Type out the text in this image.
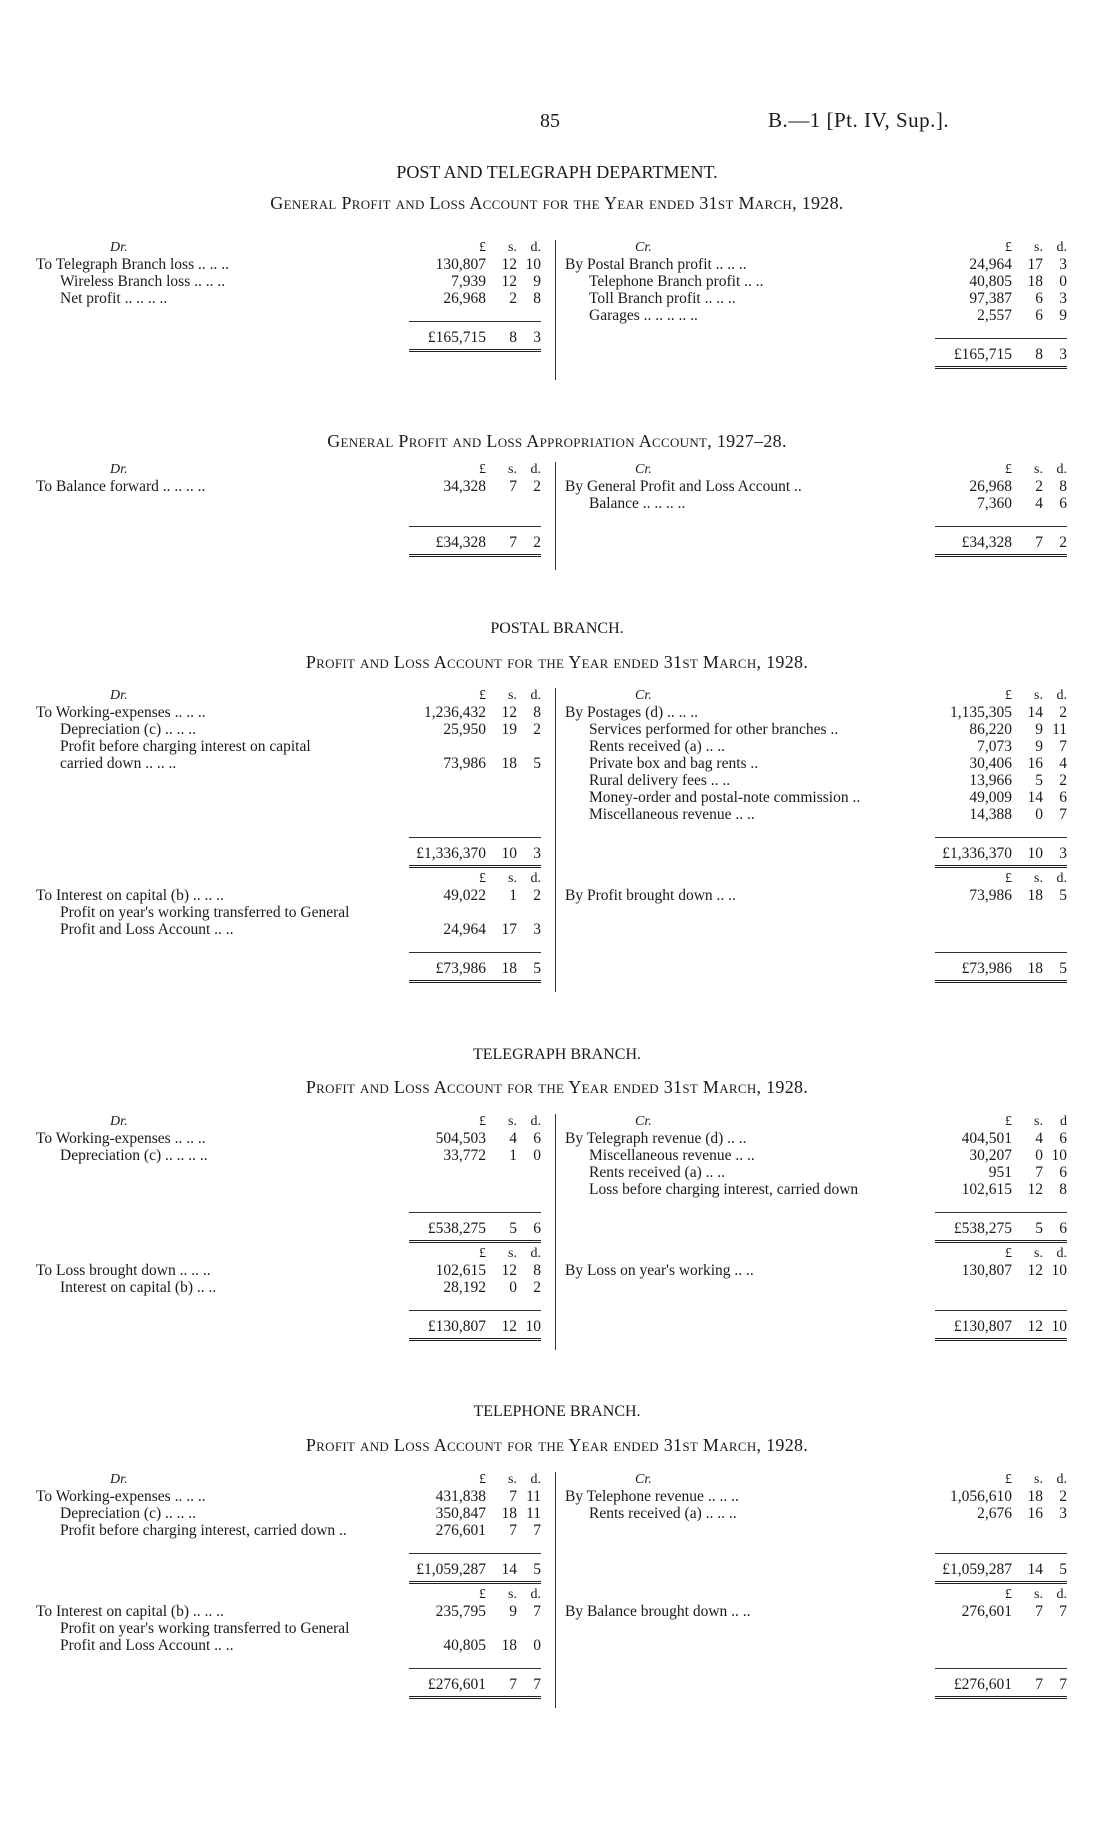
85	B.—1 [Pt. IV, Sup.].
POST AND TELEGRAPH DEPARTMENT.
General Profit and Loss Account for the Year ended 31st March, 1928.
Dr.	£	s. d.
To Telegraph Branch loss .. .. ..	130,807	12 10
Wireless Branch loss .. .. ..	7,939	12	9
Net profit .. .. .. ..	26,968	2	8
£165,715	8	3
Cr.	£	s. d.
By Postal Branch profit .. .. ..	24,964	17	3
Telephone Branch profit .. ..	40,805	18	0
Toll Branch profit .. .. ..	97,387	6	3
Garages .. .. .. .. ..	2,557	6	9
£165,715	8	3
General Profit and Loss Appropriation Account, 1927–28.
Dr.	£	s. d.
To Balance forward .. .. .. ..	34,328	7	2
£34,328	7	2
Cr.	£	s. d.
By General Profit and Loss Account ..	26,968	2	8
Balance .. .. .. ..	7,360	4	6
£34,328	7	2
POSTAL BRANCH.
Profit and Loss Account for the Year ended 31st March, 1928.
Dr.	£	s. d.
To Working-expenses .. .. ..	1,236,432	12	8
Depreciation (c) .. .. ..	25,950	19	2
Profit before charging interest on capital
carried down .. .. ..	73,986	18	5
£1,336,370	10	3
£	s. d.
To Interest on capital (b) .. .. ..	49,022	1	2
Profit on year's working transferred to General
Profit and Loss Account .. ..	24,964	17	3
£73,986	18	5
Cr.	£	s. d.
By Postages (d) .. .. ..	1,135,305	14	2
Services performed for other branches ..	86,220	9 11
Rents received (a) .. ..	7,073	9	7
Private box and bag rents ..	30,406	16	4
Rural delivery fees .. ..	13,966	5	2
Money-order and postal-note commission ..	49,009	14	6
Miscellaneous revenue .. ..	14,388	0	7
£1,336,370	10	3
£	s. d.
By Profit brought down .. ..	73,986	18	5
£73,986	18	5
TELEGRAPH BRANCH.
Profit and Loss Account for the Year ended 31st March, 1928.
Dr.	£	s. d.
To Working-expenses .. .. ..	504,503	4	6
Depreciation (c) .. .. .. ..	33,772	1	0
£538,275	5	6
£	s. d.
To Loss brought down .. .. ..	102,615	12	8
Interest on capital (b) .. ..	28,192	0	2
£130,807	12 10
Cr.	£	s.	d
By Telegraph revenue (d) .. ..	404,501	4	6
Miscellaneous revenue .. ..	30,207	0 10
Rents received (a) .. ..	951	7	6
Loss before charging interest, carried down	102,615	12	8
£538,275	5	6
£	s. d.
By Loss on year's working .. ..	130,807	12 10
£130,807	12 10
TELEPHONE BRANCH.
Profit and Loss Account for the Year ended 31st March, 1928.
Dr.	£	s. d.
To Working-expenses .. .. ..	431,838	7 11
Depreciation (c) .. .. ..	350,847	18 11
Profit before charging interest, carried down ..	276,601	7	7
£1,059,287	14	5
£	s. d.
To Interest on capital (b) .. .. ..	235,795	9	7
Profit on year's working transferred to General
Profit and Loss Account .. ..	40,805	18	0
£276,601	7	7
Cr.	£	s. d.
By Telephone revenue .. .. ..	1,056,610	18	2
Rents received (a) .. .. ..	2,676	16	3
£1,059,287	14	5
£	s. d.
By Balance brought down .. ..	276,601	7	7
£276,601	7	7
